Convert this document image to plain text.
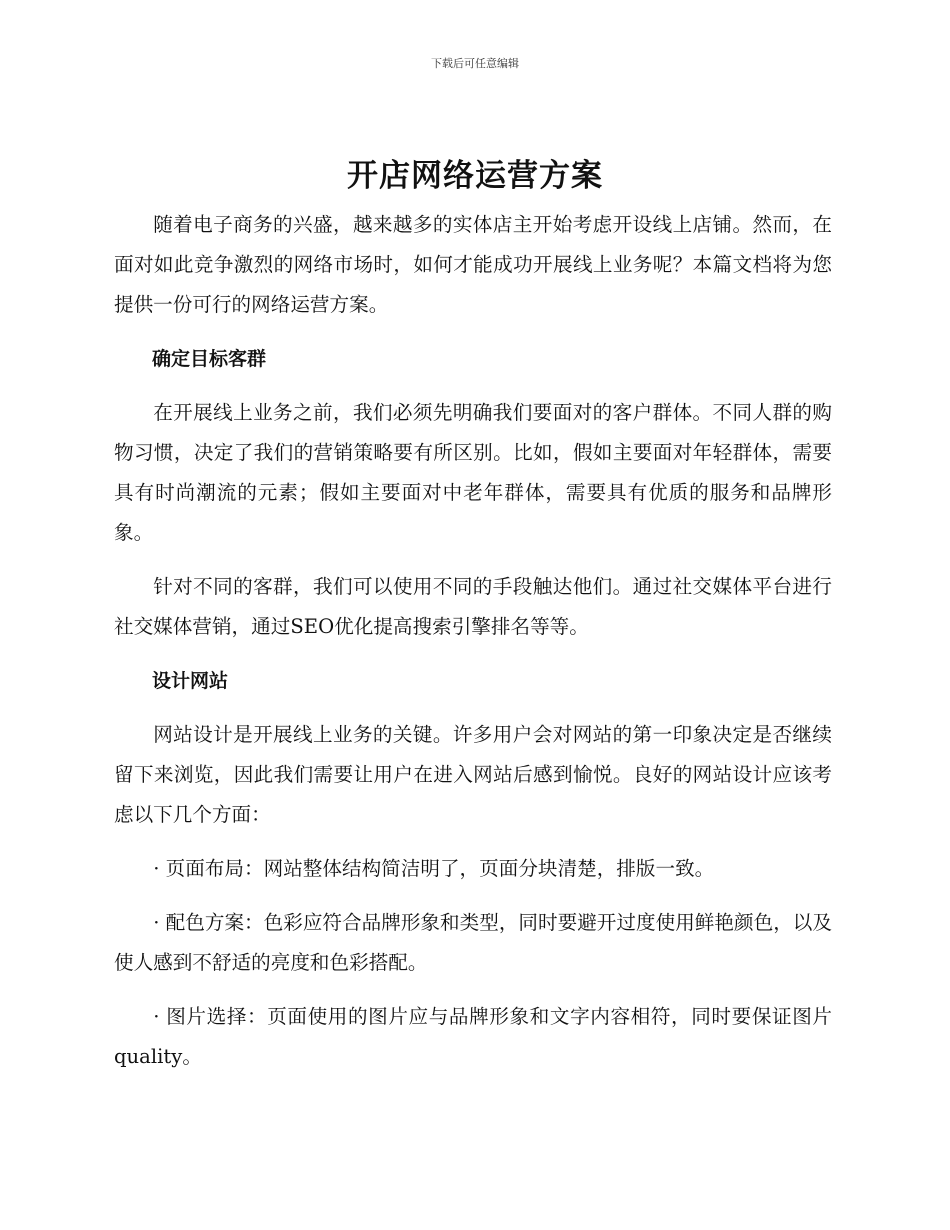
下载后可任意编辑
开店网络运营方案

随着电子商务的兴盛，越来越多的实体店主开始考虑开设线上店铺。然而，在面对如此竞争激烈的网络市场时，如何才能成功开展线上业务呢？本篇文档将为您提供一份可行的网络运营方案。

确定目标客群

在开展线上业务之前，我们必须先明确我们要面对的客户群体。不同人群的购物习惯，决定了我们的营销策略要有所区别。比如，假如主要面对年轻群体，需要具有时尚潮流的元素；假如主要面对中老年群体，需要具有优质的服务和品牌形象。

针对不同的客群，我们可以使用不同的手段触达他们。通过社交媒体平台进行社交媒体营销，通过SEO优化提高搜索引擎排名等等。

设计网站

网站设计是开展线上业务的关键。许多用户会对网站的第一印象决定是否继续留下来浏览，因此我们需要让用户在进入网站后感到愉悦。良好的网站设计应该考虑以下几个方面：

· 页面布局：网站整体结构简洁明了，页面分块清楚，排版一致。

· 配色方案：色彩应符合品牌形象和类型，同时要避开过度使用鲜艳颜色，以及使人感到不舒适的亮度和色彩搭配。

· 图片选择：页面使用的图片应与品牌形象和文字内容相符，同时要保证图片 quality。
